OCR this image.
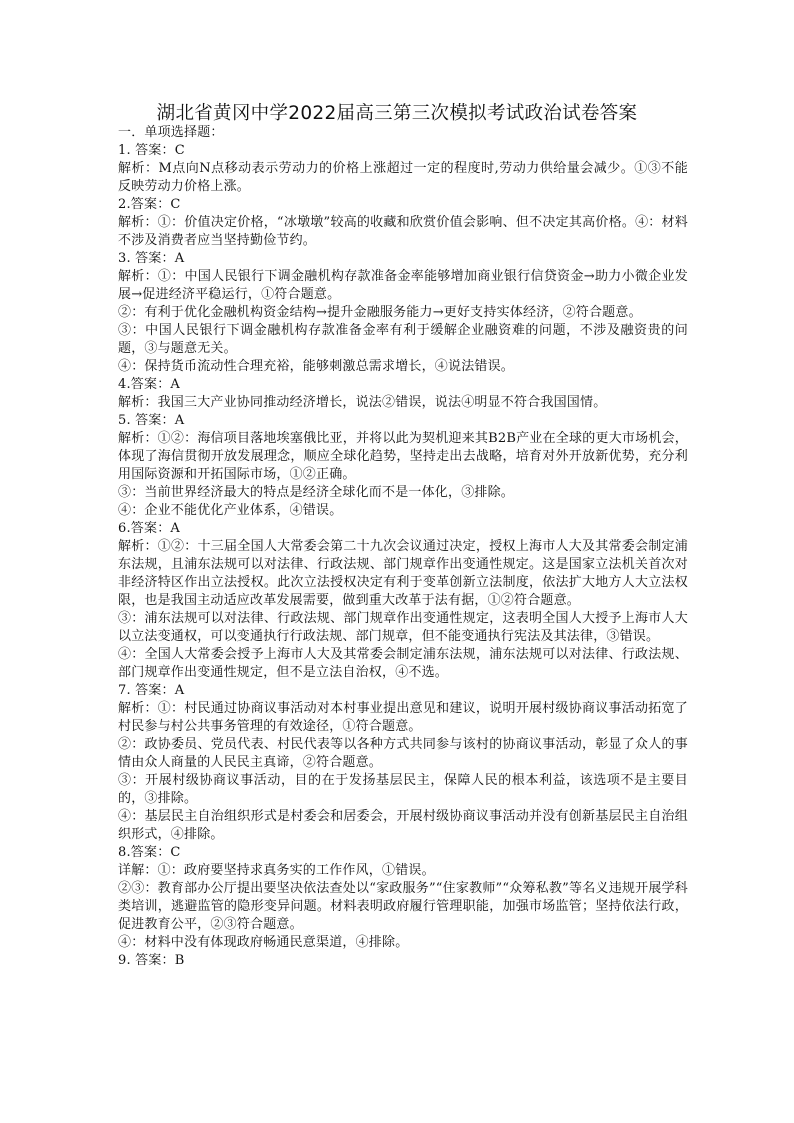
湖北省黄冈中学2022届高三第三次模拟考试政治试卷答案

一．单项选择题：

1. 答案：C

解析：M点向N点移动表示劳动力的价格上涨超过一定的程度时,劳动力供给量会减少。①③不能反映劳动力价格上涨。

2.答案：C

解析：①：价值决定价格，“冰墩墩”较高的收藏和欣赏价值会影响、但不决定其高价格。④：材料不涉及消费者应当坚持勤俭节约。

3. 答案：A

解析：①：中国人民银行下调金融机构存款准备金率能够增加商业银行信贷资金→助力小微企业发展→促进经济平稳运行，①符合题意。

②：有利于优化金融机构资金结构→提升金融服务能力→更好支持实体经济，②符合题意。

③：中国人民银行下调金融机构存款准备金率有利于缓解企业融资难的问题，不涉及融资贵的问题，③与题意无关。

④：保持货币流动性合理充裕，能够刺激总需求增长，④说法错误。

4.答案：A

解析：我国三大产业协同推动经济增长，说法②错误，说法④明显不符合我国国情。

5. 答案：A

解析：①②：海信项目落地埃塞俄比亚，并将以此为契机迎来其B2B产业在全球的更大市场机会，体现了海信贯彻开放发展理念，顺应全球化趋势，坚持走出去战略，培育对外开放新优势，充分利用国际资源和开拓国际市场，①②正确。

③：当前世界经济最大的特点是经济全球化而不是一体化，③排除。

④：企业不能优化产业体系，④错误。

6.答案：A

解析：①②：十三届全国人大常委会第二十九次会议通过决定，授权上海市人大及其常委会制定浦东法规，且浦东法规可以对法律、行政法规、部门规章作出变通性规定。这是国家立法机关首次对非经济特区作出立法授权。此次立法授权决定有利于变革创新立法制度，依法扩大地方人大立法权限，也是我国主动适应改革发展需要，做到重大改革于法有据，①②符合题意。

③：浦东法规可以对法律、行政法规、部门规章作出变通性规定，这表明全国人大授予上海市人大以立法变通权，可以变通执行行政法规、部门规章，但不能变通执行宪法及其法律，③错误。

④：全国人大常委会授予上海市人大及其常委会制定浦东法规，浦东法规可以对法律、行政法规、部门规章作出变通性规定，但不是立法自治权，④不选。

7. 答案：A

解析：①：村民通过协商议事活动对本村事业提出意见和建议，说明开展村级协商议事活动拓宽了村民参与村公共事务管理的有效途径，①符合题意。

②：政协委员、党员代表、村民代表等以各种方式共同参与该村的协商议事活动，彰显了众人的事情由众人商量的人民民主真谛，②符合题意。

③：开展村级协商议事活动，目的在于发扬基层民主，保障人民的根本利益，该选项不是主要目的，③排除。

④：基层民主自治组织形式是村委会和居委会，开展村级协商议事活动并没有创新基层民主自治组织形式，④排除。

8.答案：C

详解：①：政府要坚持求真务实的工作作风，①错误。

②③：教育部办公厅提出要坚决依法查处以“家政服务”“住家教师”“众筹私教”等名义违规开展学科类培训，逃避监管的隐形变异问题。材料表明政府履行管理职能，加强市场监管；坚持依法行政，促进教育公平，②③符合题意。

④：材料中没有体现政府畅通民意渠道，④排除。

9. 答案：B
